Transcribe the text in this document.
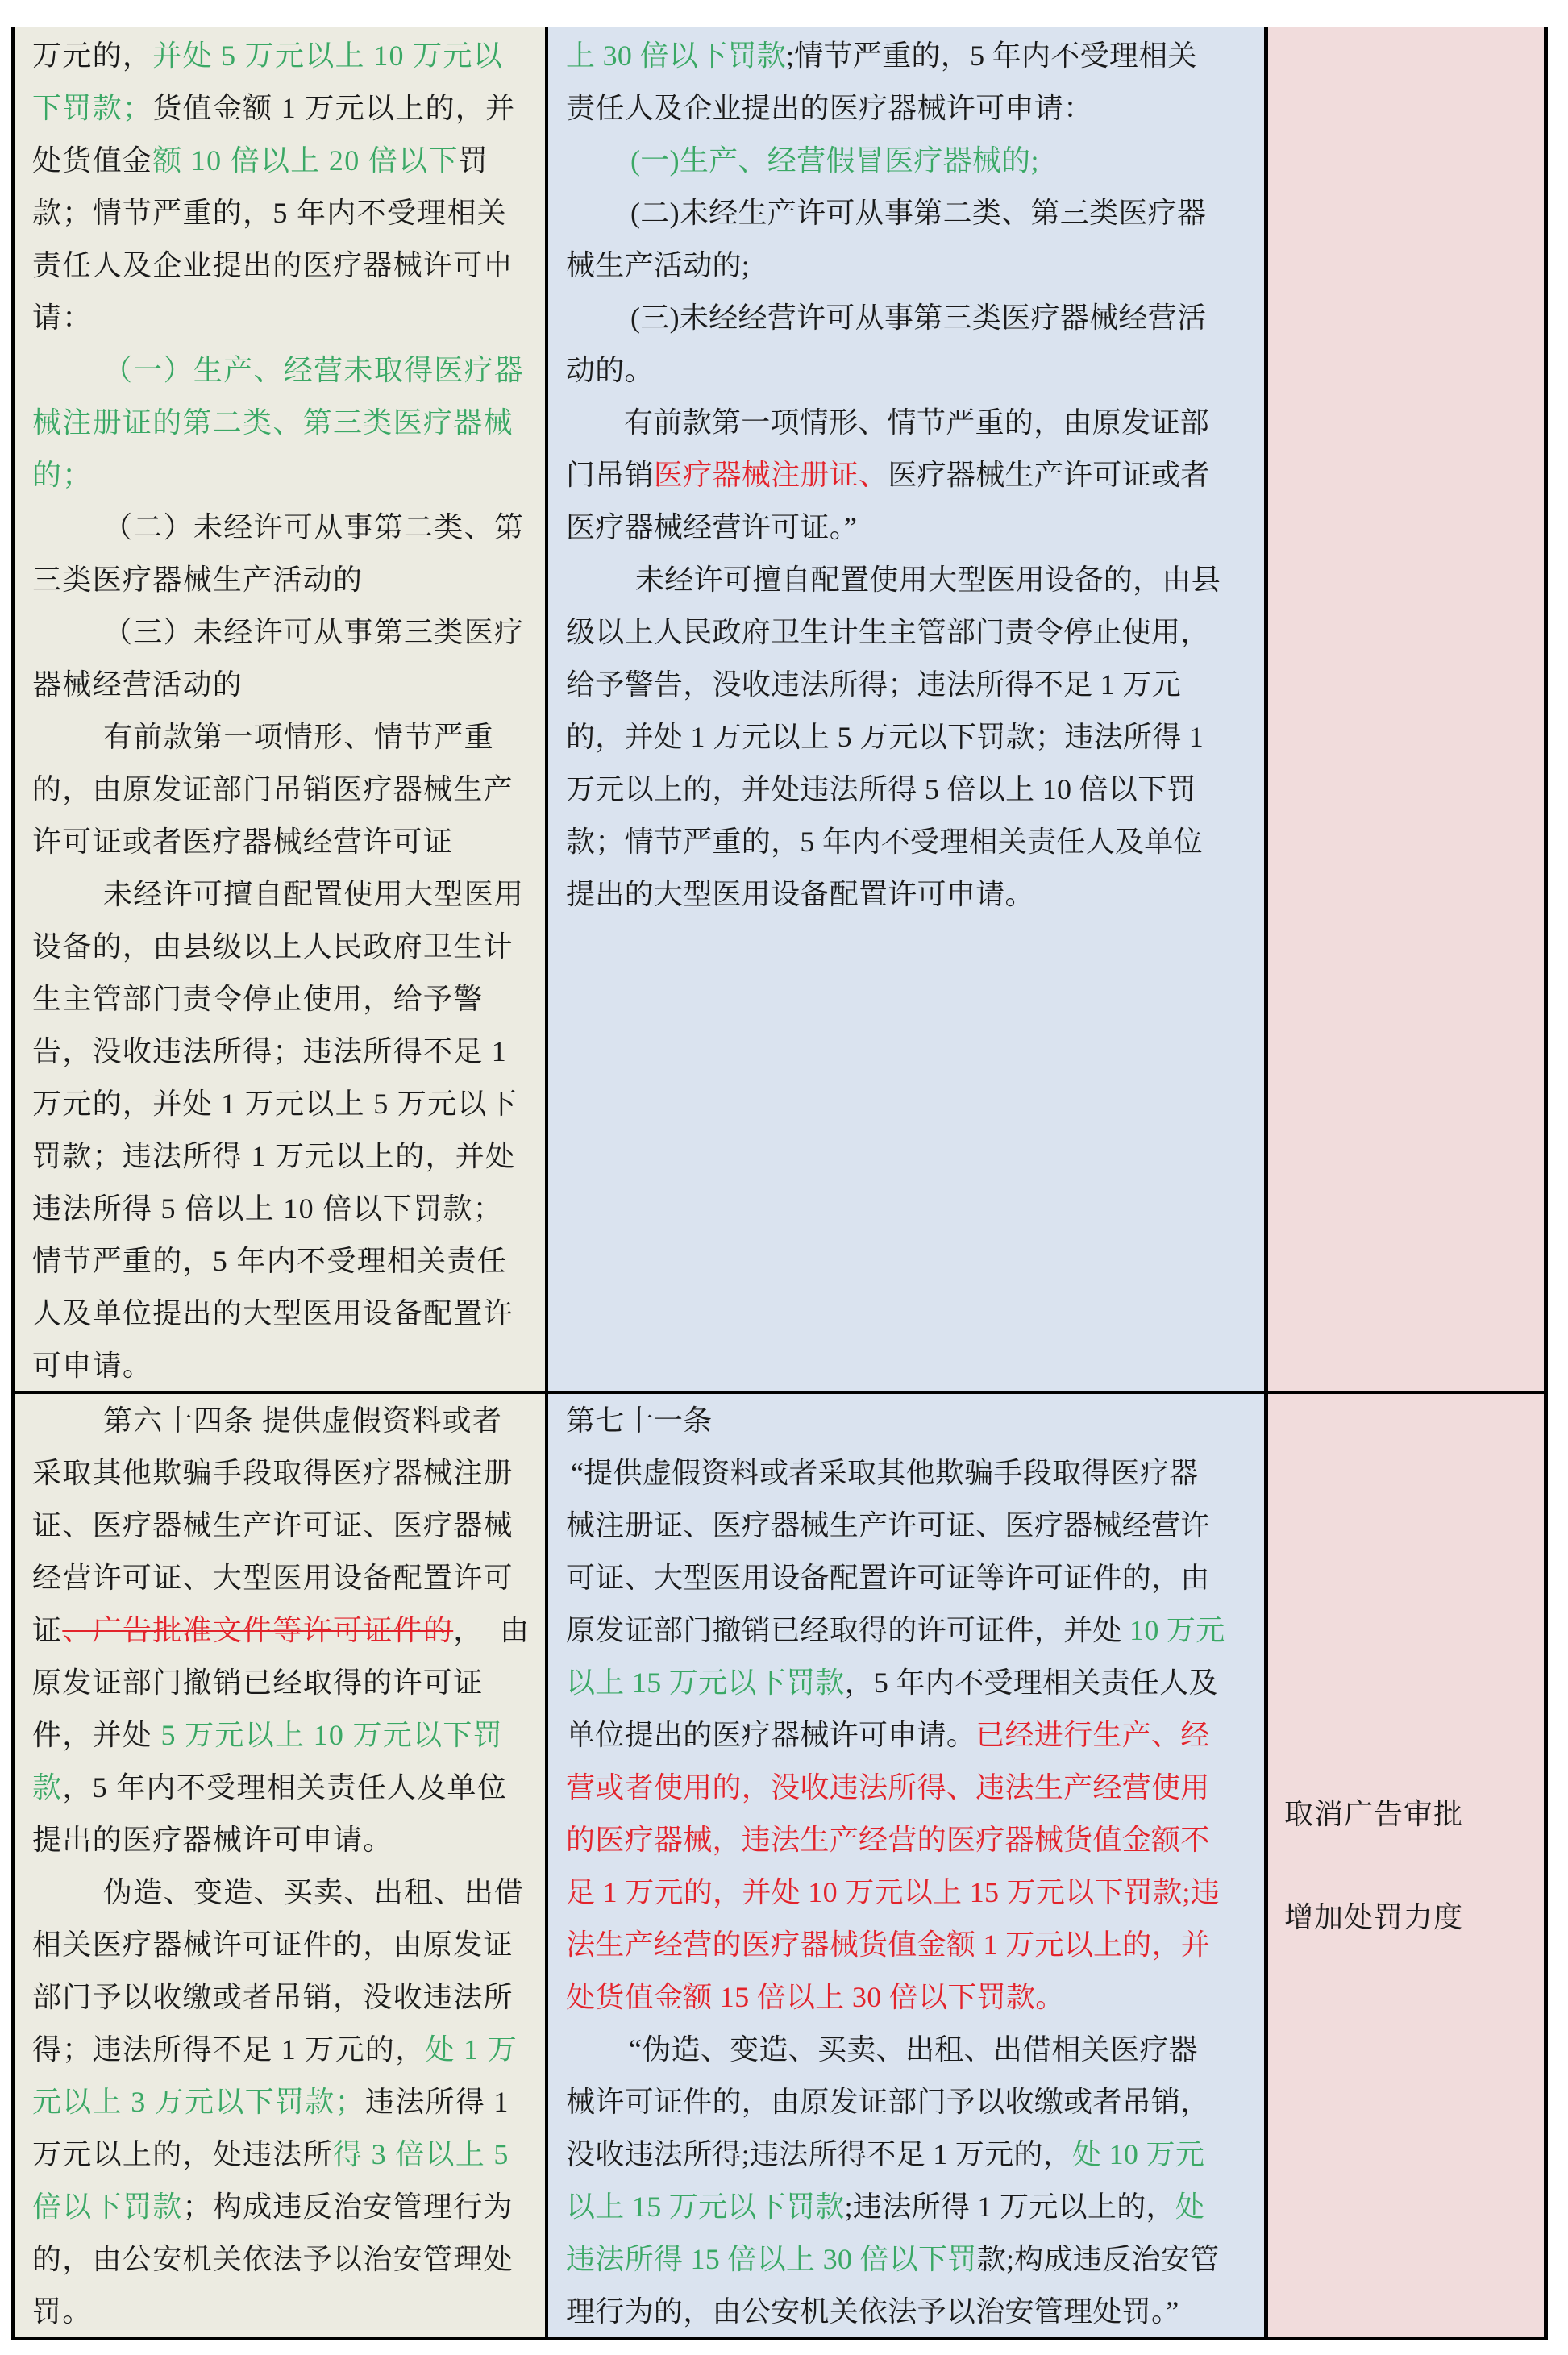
万元的，并处 5 万元以上 10 万元以
下罚款；货值金额 1 万元以上的，并
处货值金额 10 倍以上 20 倍以下罚
款；情节严重的，5 年内不受理相关
责任人及企业提出的医疗器械许可申
请：
（一）生产、经营未取得医疗器
械注册证的第二类、第三类医疗器械
的；
（二）未经许可从事第二类、第
三类医疗器械生产活动的
（三）未经许可从事第三类医疗
器械经营活动的
有前款第一项情形、情节严重
的，由原发证部门吊销医疗器械生产
许可证或者医疗器械经营许可证
未经许可擅自配置使用大型医用
设备的，由县级以上人民政府卫生计
生主管部门责令停止使用，给予警
告，没收违法所得；违法所得不足 1
万元的，并处 1 万元以上 5 万元以下
罚款；违法所得 1 万元以上的，并处
违法所得 5 倍以上 10 倍以下罚款；
情节严重的，5 年内不受理相关责任
人及单位提出的大型医用设备配置许
可申请。
上 30 倍以下罚款;情节严重的，5 年内不受理相关
责任人及企业提出的医疗器械许可申请：
(一)生产、经营假冒医疗器械的;
(二)未经生产许可从事第二类、第三类医疗器
械生产活动的;
(三)未经经营许可从事第三类医疗器械经营活
动的。
有前款第一项情形、情节严重的，由原发证部
门吊销医疗器械注册证、医疗器械生产许可证或者
医疗器械经营许可证。”
未经许可擅自配置使用大型医用设备的，由县
级以上人民政府卫生计生主管部门责令停止使用，
给予警告，没收违法所得；违法所得不足 1 万元
的，并处 1 万元以上 5 万元以下罚款；违法所得 1
万元以上的，并处违法所得 5 倍以上 10 倍以下罚
款；情节严重的，5 年内不受理相关责任人及单位
提出的大型医用设备配置许可申请。
第六十四条 提供虚假资料或者
采取其他欺骗手段取得医疗器械注册
证、医疗器械生产许可证、医疗器械
经营许可证、大型医用设备配置许可
证、广告批准文件等许可证件的，  由
原发证部门撤销已经取得的许可证
件，并处 5 万元以上 10 万元以下罚
款，5 年内不受理相关责任人及单位
提出的医疗器械许可申请。
伪造、变造、买卖、出租、出借
相关医疗器械许可证件的，由原发证
部门予以收缴或者吊销，没收违法所
得；违法所得不足 1 万元的，处 1 万
元以上 3 万元以下罚款；违法所得 1
万元以上的，处违法所得 3 倍以上 5
倍以下罚款；构成违反治安管理行为
的，由公安机关依法予以治安管理处
罚。
第七十一条
“提供虚假资料或者采取其他欺骗手段取得医疗器
械注册证、医疗器械生产许可证、医疗器械经营许
可证、大型医用设备配置许可证等许可证件的，由
原发证部门撤销已经取得的许可证件，并处 10 万元
以上 15 万元以下罚款，5 年内不受理相关责任人及
单位提出的医疗器械许可申请。已经进行生产、经
营或者使用的，没收违法所得、违法生产经营使用
的医疗器械，违法生产经营的医疗器械货值金额不
足 1 万元的，并处 10 万元以上 15 万元以下罚款;违
法生产经营的医疗器械货值金额 1 万元以上的，并
处货值金额 15 倍以上 30 倍以下罚款。
“伪造、变造、买卖、出租、出借相关医疗器
械许可证件的，由原发证部门予以收缴或者吊销，
没收违法所得;违法所得不足 1 万元的，处 10 万元
以上 15 万元以下罚款;违法所得 1 万元以上的，处
违法所得 15 倍以上 30 倍以下罚款;构成违反治安管
理行为的，由公安机关依法予以治安管理处罚。”
取消广告审批
增加处罚力度
